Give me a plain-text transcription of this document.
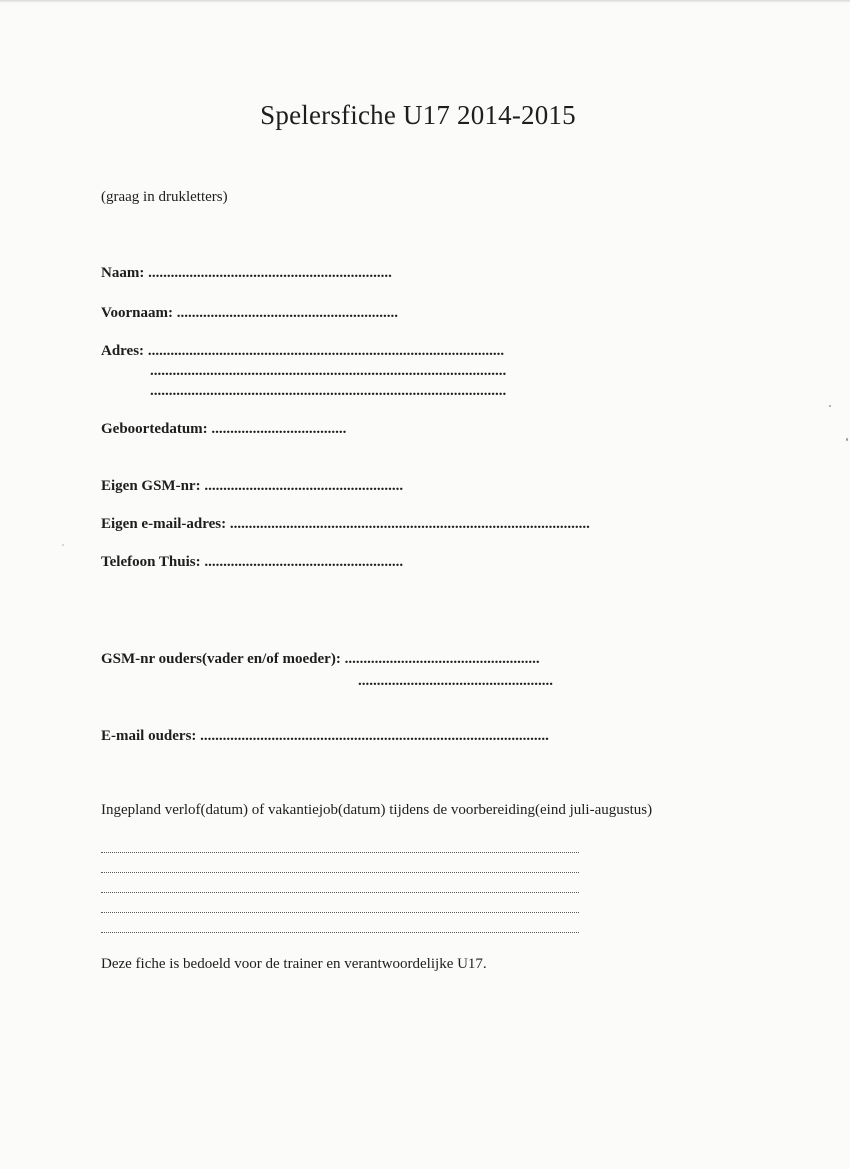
Spelersfiche U17 2014-2015
(graag in drukletters)
Naam: .................................................................
Voornaam: ...........................................................
Adres: ...............................................................................................
...............................................................................................
...............................................................................................
Geboortedatum: ....................................
Eigen GSM-nr: .....................................................
Eigen e-mail-adres: ................................................................................................
Telefoon Thuis: .....................................................
GSM-nr ouders(vader en/of moeder): ....................................................
....................................................
E-mail ouders: .............................................................................................
Ingepland verlof(datum) of vakantiejob(datum) tijdens de voorbereiding(eind juli-augustus)
Deze fiche is bedoeld voor de trainer en verantwoordelijke U17.
